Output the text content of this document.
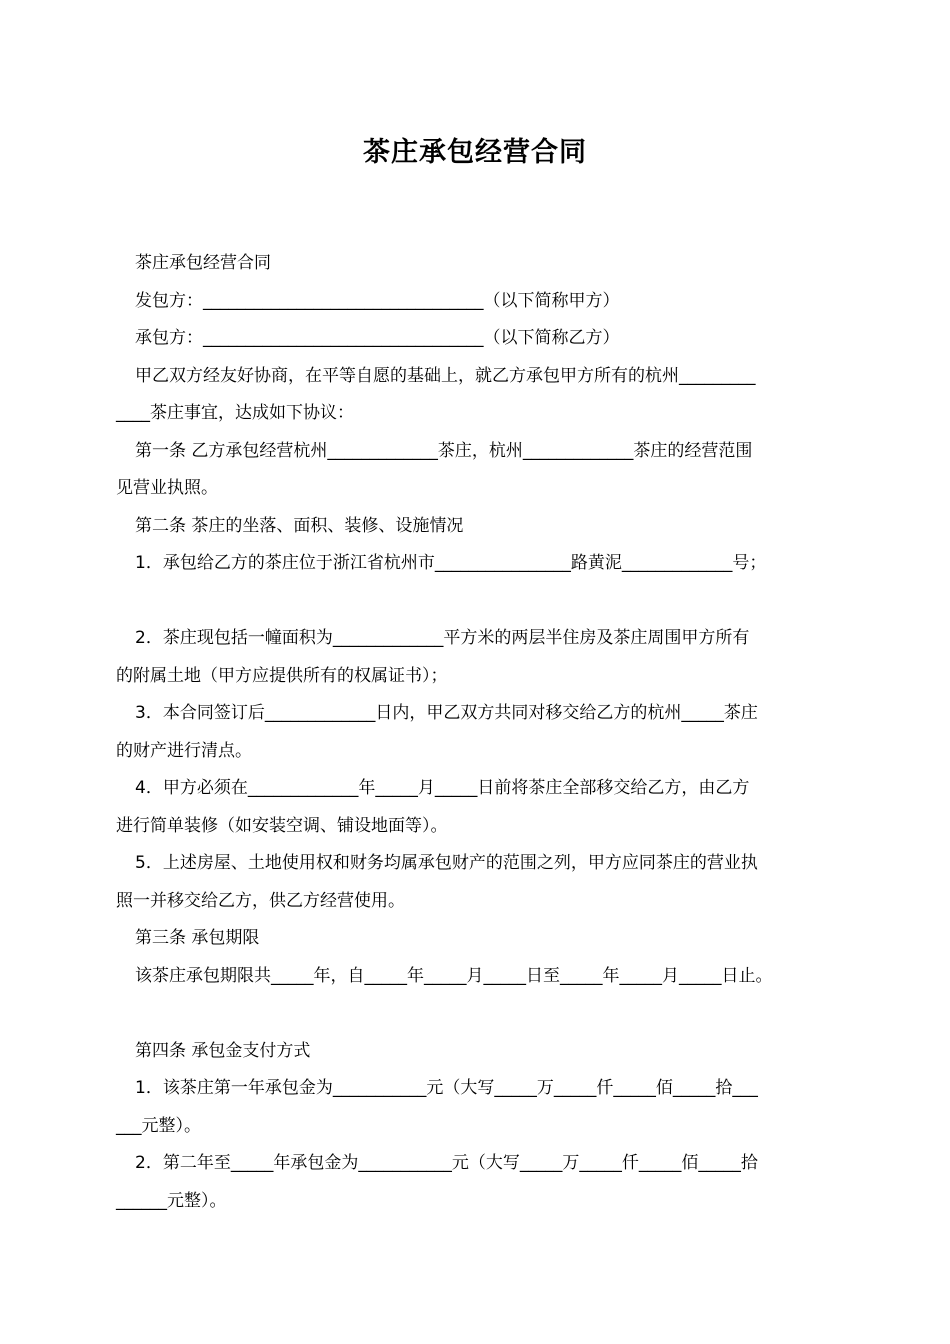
茶庄承包经营合同
茶庄承包经营合同
发包方：_________________________________（以下简称甲方）
承包方：_________________________________（以下简称乙方）
甲乙双方经友好协商，在平等自愿的基础上，就乙方承包甲方所有的杭州_________
____茶庄事宜，达成如下协议：
第一条 乙方承包经营杭州_____________茶庄，杭州_____________茶庄的经营范围
见营业执照。
第二条 茶庄的坐落、面积、装修、设施情况
1．承包给乙方的茶庄位于浙江省杭州市________________路黄泥_____________号；
2．茶庄现包括一幢面积为_____________平方米的两层半住房及茶庄周围甲方所有
的附属土地（甲方应提供所有的权属证书）；
3．本合同签订后_____________日内，甲乙双方共同对移交给乙方的杭州_____茶庄
的财产进行清点。
4．甲方必须在_____________年_____月_____日前将茶庄全部移交给乙方，由乙方
进行简单装修（如安装空调、铺设地面等）。
5．上述房屋、土地使用权和财务均属承包财产的范围之列，甲方应同茶庄的营业执
照一并移交给乙方，供乙方经营使用。
第三条 承包期限
该茶庄承包期限共_____年，自_____年_____月_____日至_____年_____月_____日止。
第四条 承包金支付方式
1．该茶庄第一年承包金为___________元（大写_____万_____仟_____佰_____拾___
___元整）。
2．第二年至_____年承包金为___________元（大写_____万_____仟_____佰_____拾
______元整）。
